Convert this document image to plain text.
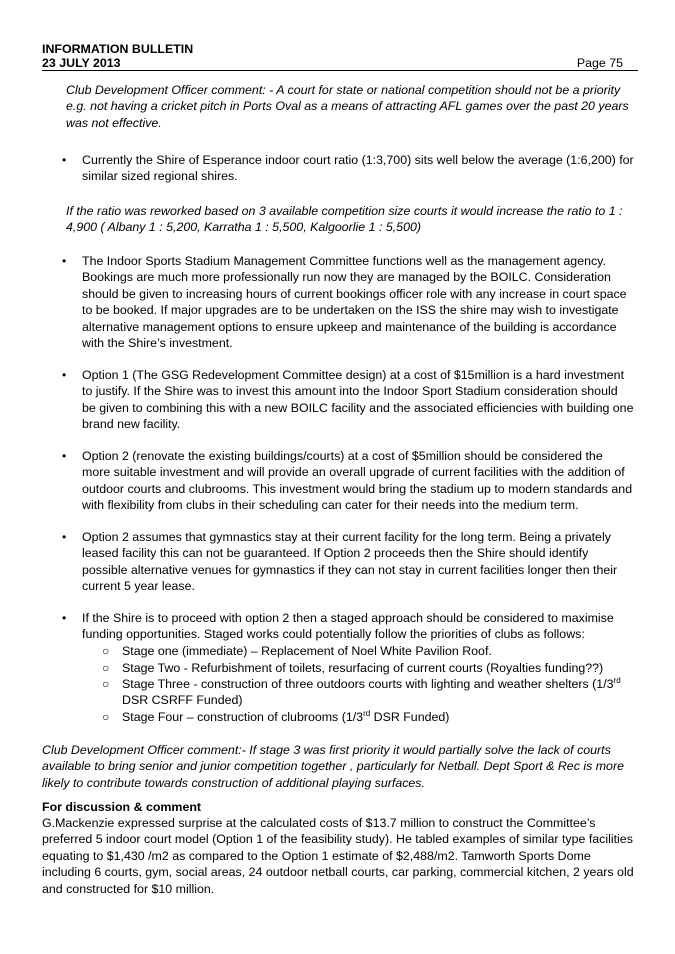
INFORMATION BULLETIN
23 JULY 2013	Page 75
Club Development Officer comment: - A court for state or national competition should not be a priority e.g. not having a cricket pitch in Ports Oval as a means of attracting AFL games over the past 20 years was not effective.
•	Currently the Shire of Esperance indoor court ratio (1:3,700) sits well below the average (1:6,200) for similar sized regional shires.
If the ratio was reworked based on 3 available competition size courts it would increase the ratio to 1 : 4,900 ( Albany 1 : 5,200, Karratha 1 : 5,500, Kalgoorlie 1 : 5,500)
•	The Indoor Sports Stadium Management Committee functions well as the management agency. Bookings are much more professionally run now they are managed by the BOILC. Consideration should be given to increasing hours of current bookings officer role with any increase in court space to be booked. If major upgrades are to be undertaken on the ISS the shire may wish to investigate alternative management options to ensure upkeep and maintenance of the building is accordance with the Shire’s investment.
•	Option 1 (The GSG Redevelopment Committee design) at a cost of $15million is a hard investment to justify. If the Shire was to invest this amount into the Indoor Sport Stadium consideration should be given to combining this with a new BOILC facility and the associated efficiencies with building one brand new facility.
•	Option 2 (renovate the existing buildings/courts) at a cost of $5million should be considered the more suitable investment and will provide an overall upgrade of current facilities with the addition of outdoor courts and clubrooms. This investment would bring the stadium up to modern standards and with flexibility from clubs in their scheduling can cater for their needs into the medium term.
•	Option 2 assumes that gymnastics stay at their current facility for the long term. Being a privately leased facility this can not be guaranteed. If Option 2 proceeds then the Shire should identify possible alternative venues for gymnastics if they can not stay in current facilities longer then their current 5 year lease.
•	If the Shire is to proceed with option 2 then a staged approach should be considered to maximise funding opportunities. Staged works could potentially follow the priorities of clubs as follows:
○ Stage one (immediate) – Replacement of Noel White Pavilion Roof.
○ Stage Two - Refurbishment of toilets, resurfacing of current courts (Royalties funding??)
○ Stage Three - construction of three outdoors courts with lighting and weather shelters (1/3rd
DSR CSRFF Funded)
○ Stage Four – construction of clubrooms (1/3rd DSR Funded)
Club Development Officer comment:- If stage 3 was first priority it would partially solve the lack of courts available to bring senior and junior competition together , particularly for Netball. Dept Sport & Rec is more likely to contribute towards construction of additional playing surfaces.
For discussion & comment
G.Mackenzie expressed surprise at the calculated costs of $13.7 million to construct the Committee’s preferred 5 indoor court model (Option 1 of the feasibility study). He tabled examples of similar type facilities equating to $1,430 /m2 as compared to the Option 1 estimate of $2,488/m2. Tamworth Sports Dome including 6 courts, gym, social areas, 24 outdoor netball courts, car parking, commercial kitchen, 2 years old and constructed for $10 million.
